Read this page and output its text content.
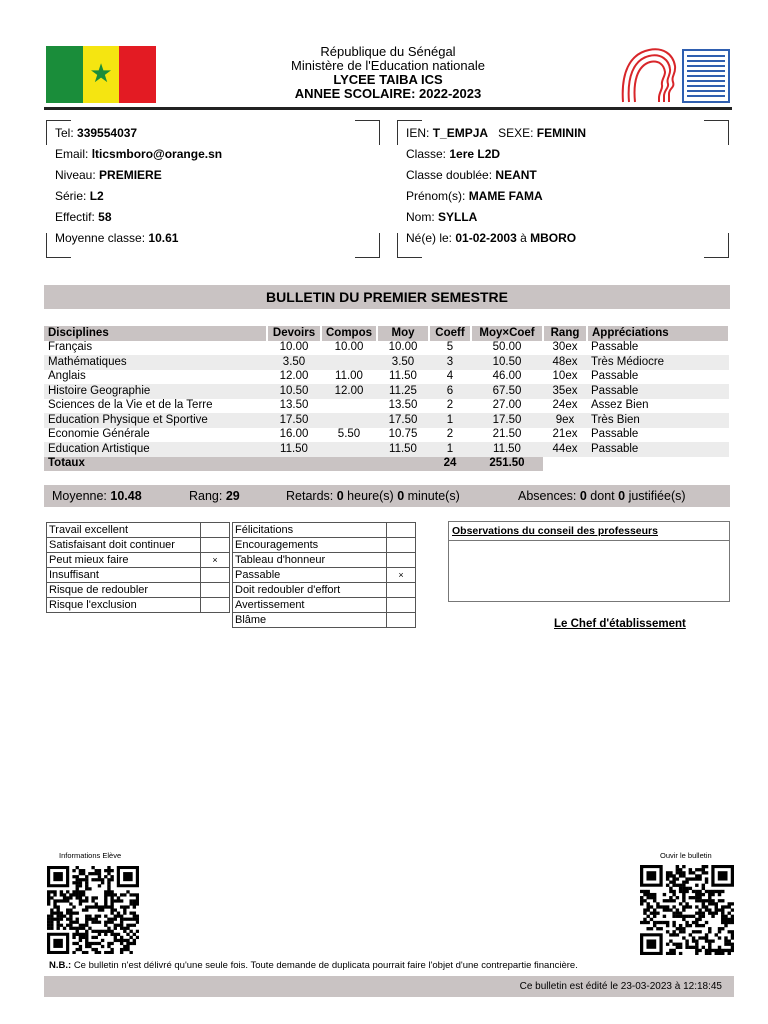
★
République du Sénégal
Ministère de l'Education nationale
LYCEE TAIBA ICS
ANNEE SCOLAIRE: 2022-2023
Tel: 339554037
Email: lticsmboro@orange.sn
Niveau: PREMIERE
Série: L2
Effectif: 58
Moyenne classe: 10.61
IEN: T_EMPJA SEXE: FEMININ
Classe: 1ere L2D
Classe doublée: NEANT
Prénom(s): MAME FAMA
Nom: SYLLA
Né(e) le: 01-02-2003 à MBORO
BULLETIN DU PREMIER SEMESTRE
Disciplines	Devoirs	Compos	Moy	Coeff	Moy×Coef	Rang	Appréciations
Français	10.00	10.00	10.00	5	50.00	30ex	Passable
Mathématiques	3.50		3.50	3	10.50	48ex	Très Médiocre
Anglais	12.00	11.00	11.50	4	46.00	10ex	Passable
Histoire Geographie	10.50	12.00	11.25	6	67.50	35ex	Passable
Sciences de la Vie et de la Terre	13.50		13.50	2	27.00	24ex	Assez Bien
Education Physique et Sportive	17.50		17.50	1	17.50	9ex	Très Bien
Economie Générale	16.00	5.50	10.75	2	21.50	21ex	Passable
Education Artistique	11.50		11.50	1	11.50	44ex	Passable
Totaux				24	251.50		
Moyenne: 10.48	Rang: 29	Retards: 0 heure(s) 0 minute(s)	Absences: 0 dont 0 justifiée(s)
Travail excellent	
Satisfaisant doit continuer	
Peut mieux faire	×
Insuffisant	
Risque de redoubler	
Risque l'exclusion	
Félicitations	
Encouragements	
Tableau d'honneur	
Passable	×
Doit redoubler d'effort	
Avertissement	
Blâme	
Observations du conseil des professeurs
Le Chef d'établissement
Informations Elève	Ouvir le bulletin
N.B.: Ce bulletin n'est délivré qu'une seule fois. Toute demande de duplicata pourrait faire l'objet d'une contrepartie financière.
Ce bulletin est édité le 23-03-2023 à 12:18:45
